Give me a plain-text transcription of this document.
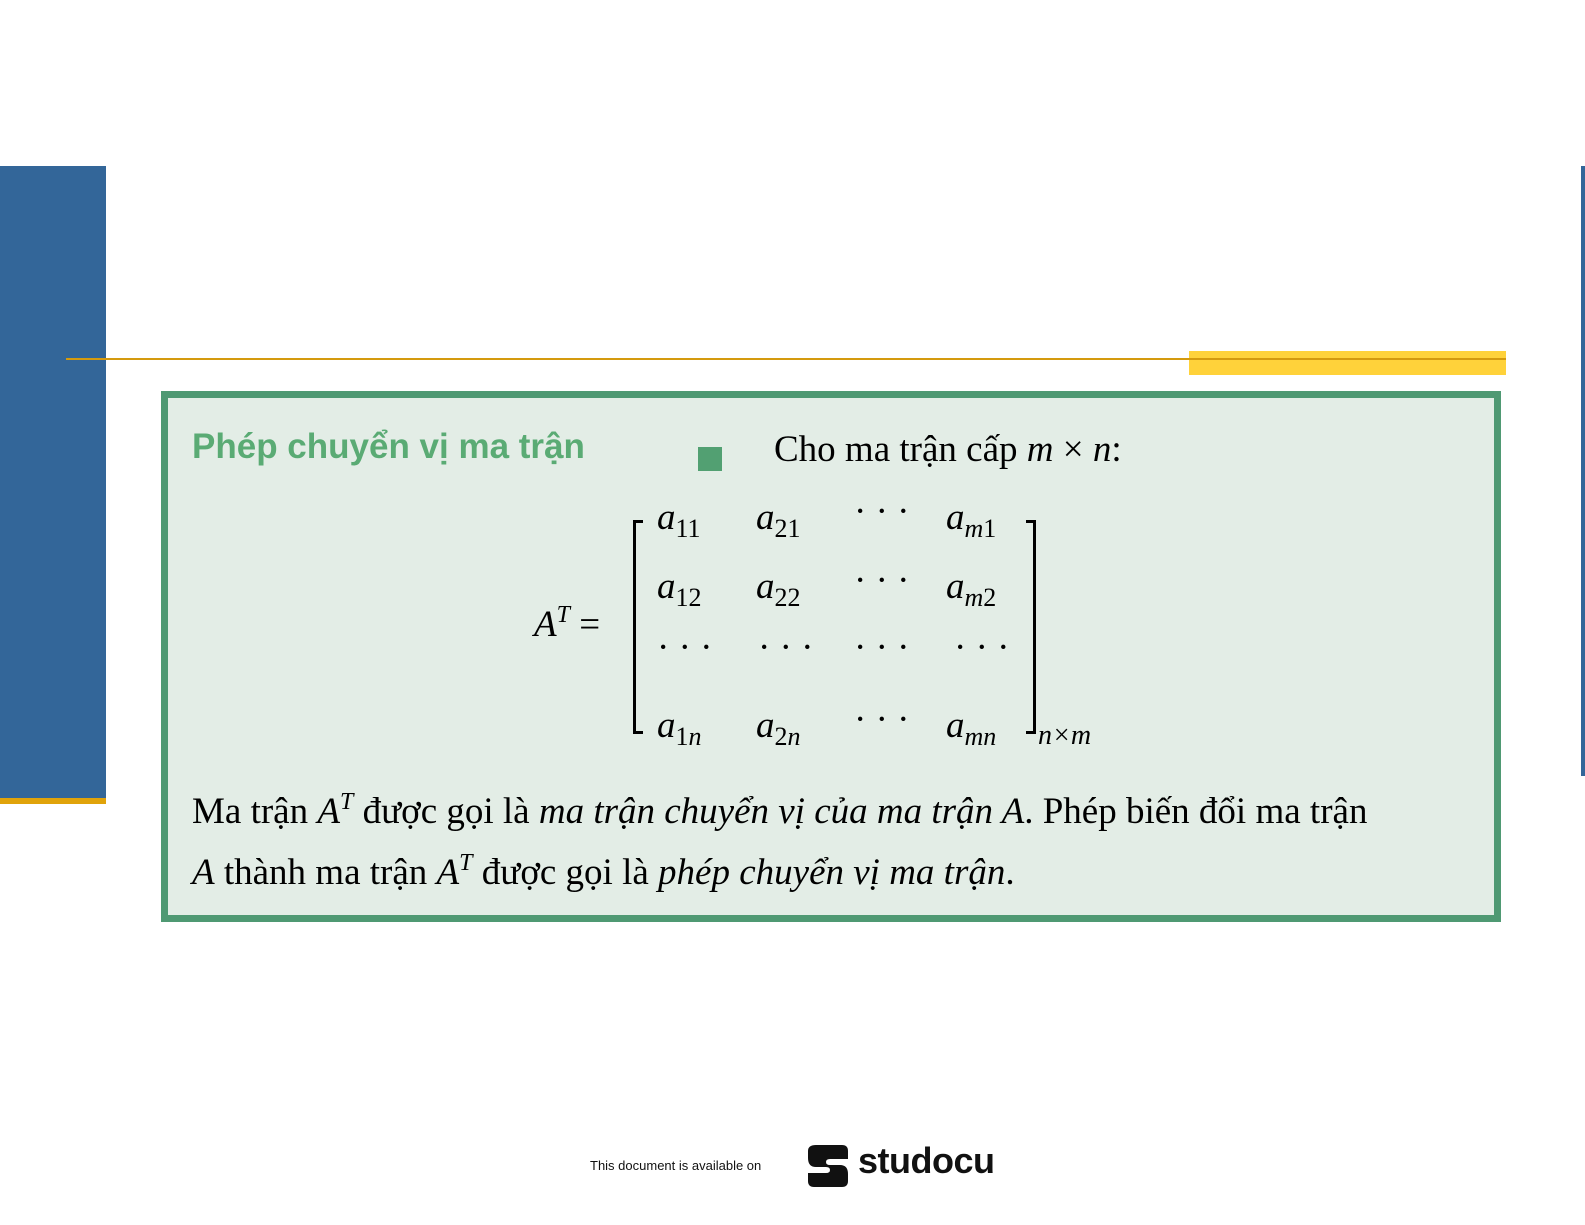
Phép chuyển vị ma trận	Cho ma trận cấp m × n:
$A^T$ =
$a_{11}$ $a_{21}$ · · · $a_{m1}$
$a_{12}$ $a_{22}$ · · · $a_{m2}$
· · · · · · · · · · · ·
$a_{1n}$ $a_{2n}$ · · · $a_{mn}$ n×m
Ma trận $A^T$ được gọi là ma trận chuyển vị của ma trận A. Phép biến đổi ma trận
A thành ma trận $A^T$ được gọi là phép chuyển vị ma trận.
This document is available on	studocu
